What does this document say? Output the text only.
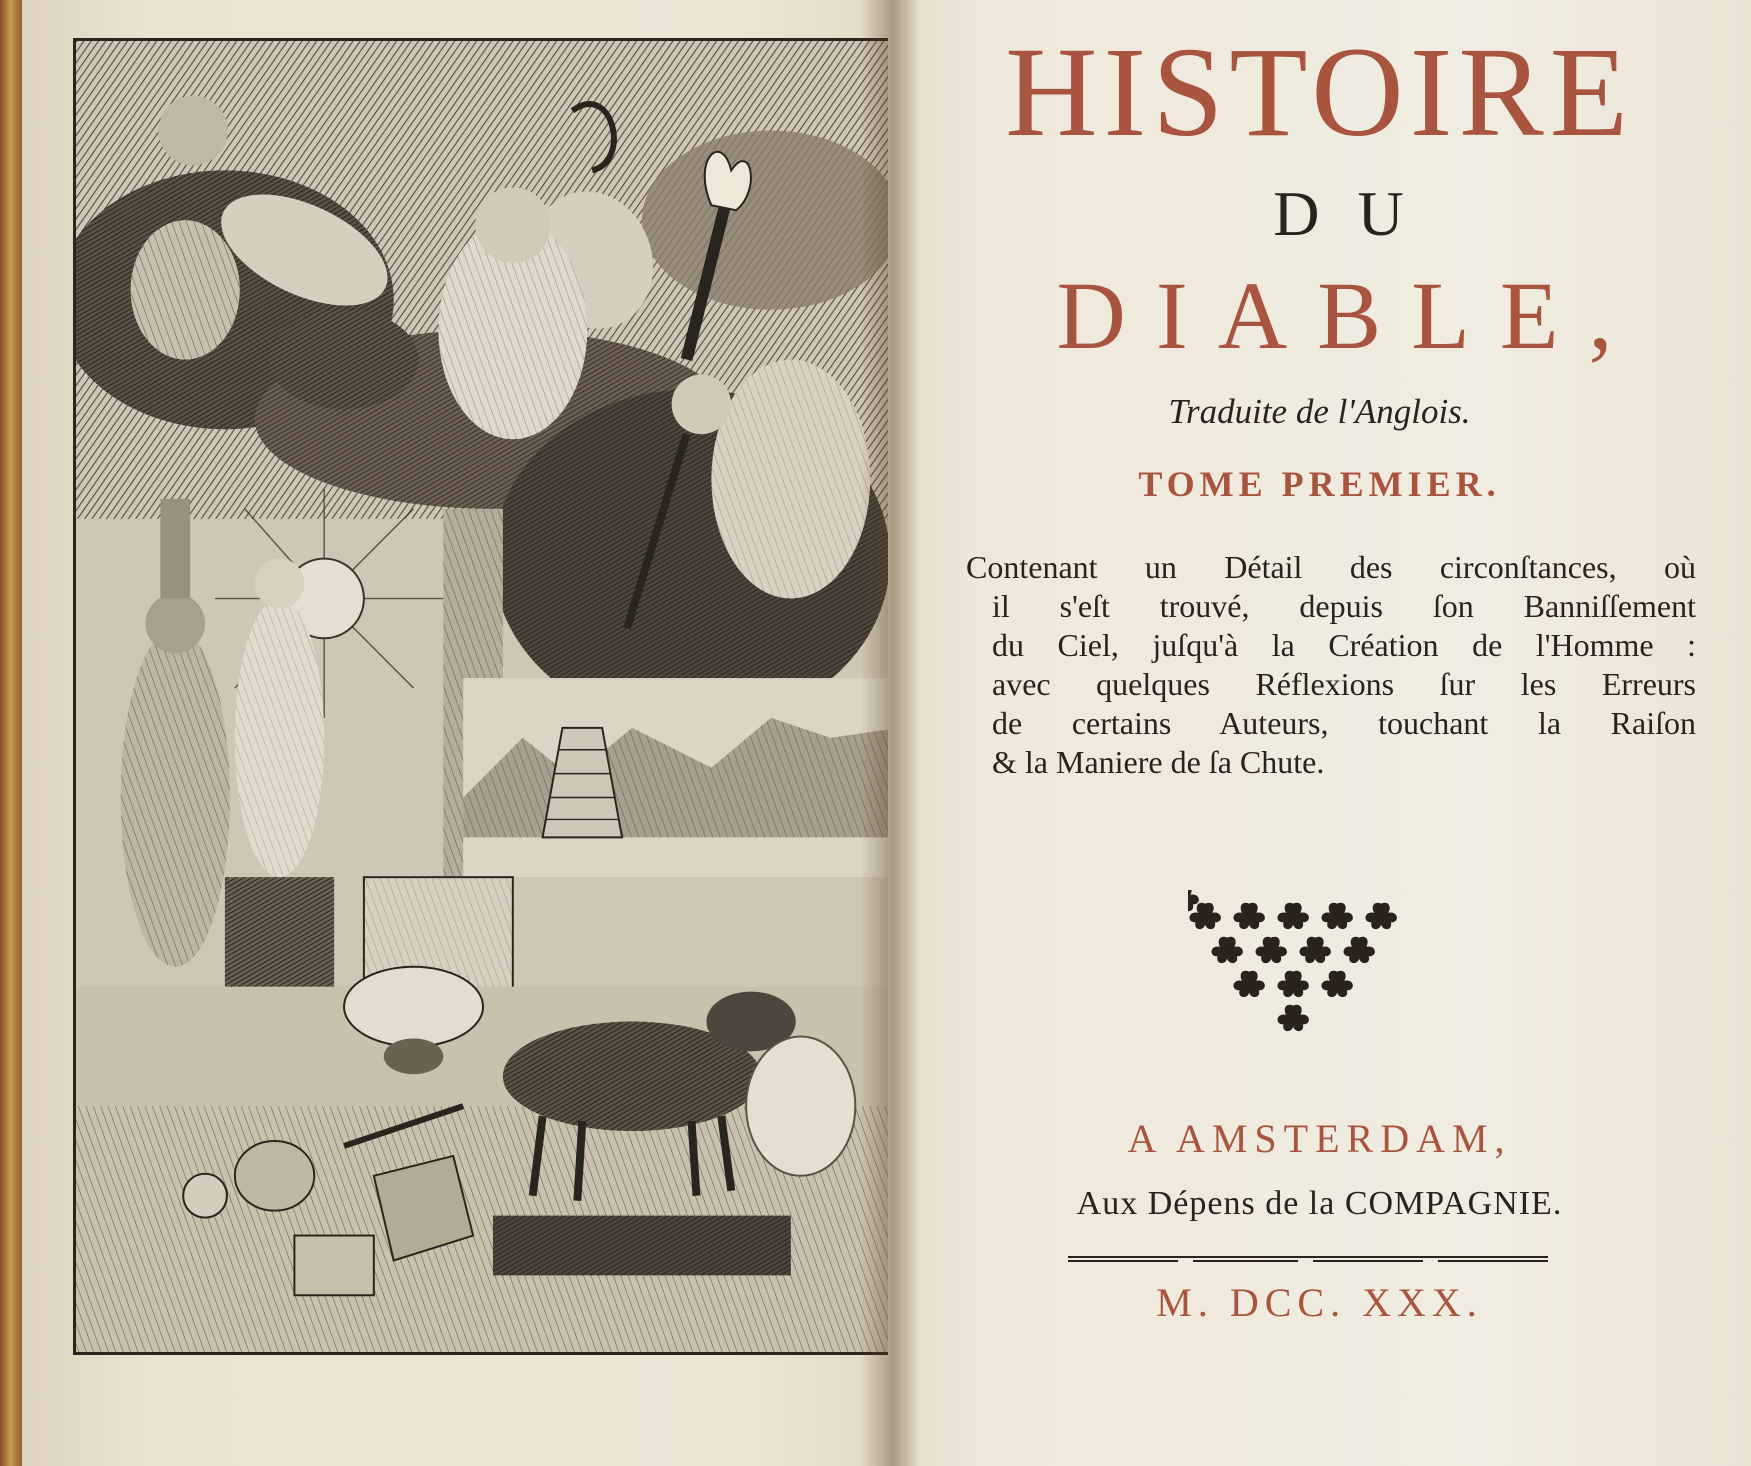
HISTOIRE
DU
DIABLE,
Traduite de l'Anglois.
TOME PREMIER.
Contenant un Détail des circonſtances, où
il s'eſt trouvé, depuis ſon Banniſſement
du Ciel, juſqu'à la Création de l'Homme :
avec quelques Réflexions ſur les Erreurs
de certains Auteurs, touchant la Raiſon
& la Maniere de ſa Chute.
A AMSTERDAM,
Aux Dépens de la COMPAGNIE.
M. DCC. XXX.
